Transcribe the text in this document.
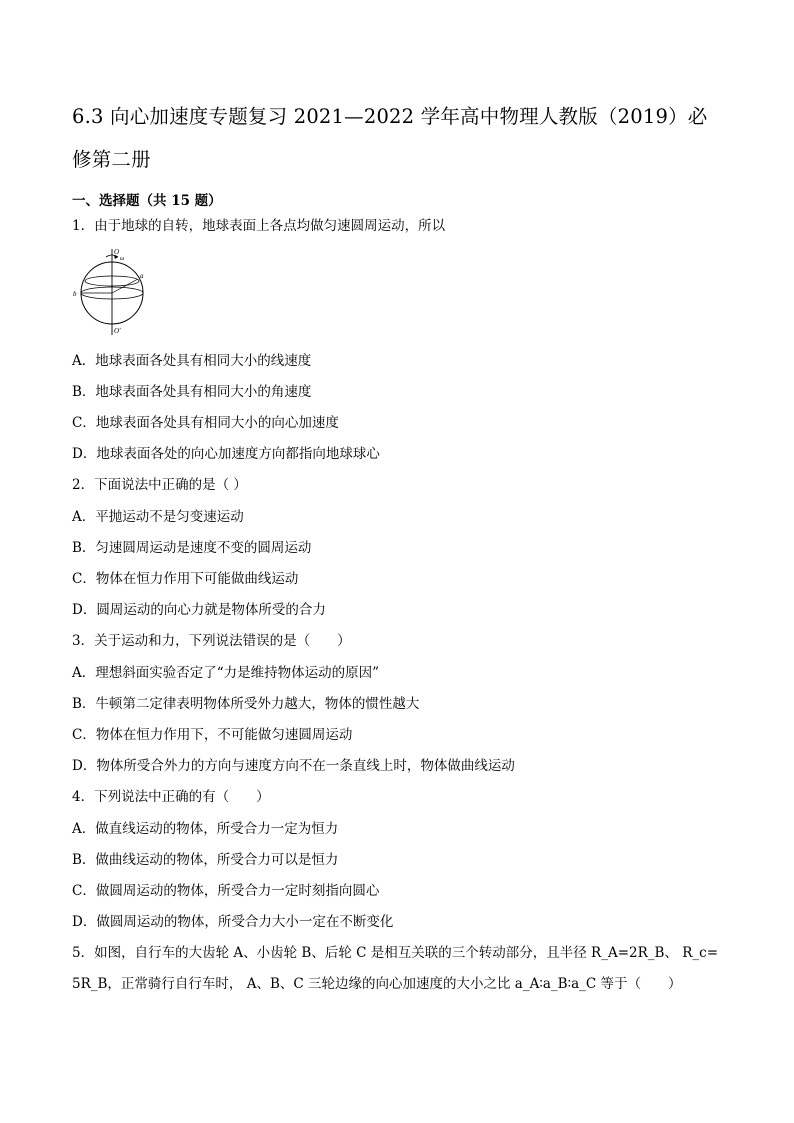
6.3 向心加速度专题复习 2021—2022 学年高中物理人教版（2019）必
修第二册
一、选择题（共 15 题）
1．由于地球的自转，地球表面上各点均做匀速圆周运动，所以
O
ω
a
b
O′
A．地球表面各处具有相同大小的线速度
B．地球表面各处具有相同大小的角速度
C．地球表面各处具有相同大小的向心加速度
D．地球表面各处的向心加速度方向都指向地球球心
2．下面说法中正确的是（ ）
A．平抛运动不是匀变速运动
B．匀速圆周运动是速度不变的圆周运动
C．物体在恒力作用下可能做曲线运动
D．圆周运动的向心力就是物体所受的合力
3．关于运动和力，下列说法错误的是（　　）
A．理想斜面实验否定了“力是维持物体运动的原因”
B．牛顿第二定律表明物体所受外力越大，物体的惯性越大
C．物体在恒力作用下，不可能做匀速圆周运动
D．物体所受合外力的方向与速度方向不在一条直线上时，物体做曲线运动
4．下列说法中正确的有（　　）
A．做直线运动的物体，所受合力一定为恒力
B．做曲线运动的物体，所受合力可以是恒力
C．做圆周运动的物体，所受合力一定时刻指向圆心
D．做圆周运动的物体，所受合力大小一定在不断变化
5．如图，自行车的大齿轮 A、小齿轮 B、后轮 C 是相互关联的三个转动部分，且半径 R_A=2R_B、 R_c=
5R_B，正常骑行自行车时， A、B、C 三轮边缘的向心加速度的大小之比 a_A∶a_B∶a_C 等于（　　）
